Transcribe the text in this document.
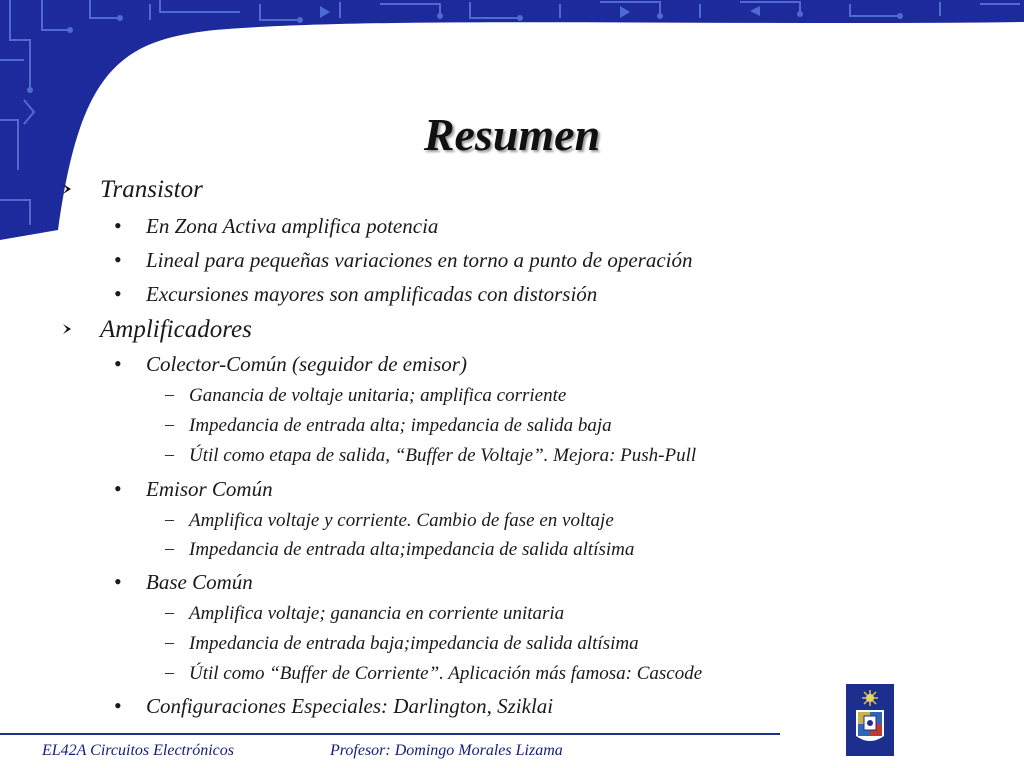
Resumen
Transistor
• En Zona Activa amplifica potencia
• Lineal para pequeñas variaciones en torno a punto de operación
• Excursiones mayores son amplificadas con distorsión
Amplificadores
• Colector-Común (seguidor de emisor)
– Ganancia de voltaje unitaria; amplifica corriente
– Impedancia de entrada alta; impedancia de salida baja
– Útil como etapa de salida, “Buffer de Voltaje”. Mejora: Push-Pull
• Emisor Común
– Amplifica voltaje y corriente. Cambio de fase en voltaje
– Impedancia de entrada alta;impedancia de salida altísima
• Base Común
– Amplifica voltaje; ganancia en corriente unitaria
– Impedancia de entrada baja;impedancia de salida altísima
– Útil como “Buffer de Corriente”. Aplicación más famosa: Cascode
• Configuraciones Especiales: Darlington, Sziklai
EL42A Circuitos Electrónicos	Profesor: Domingo Morales Lizama
